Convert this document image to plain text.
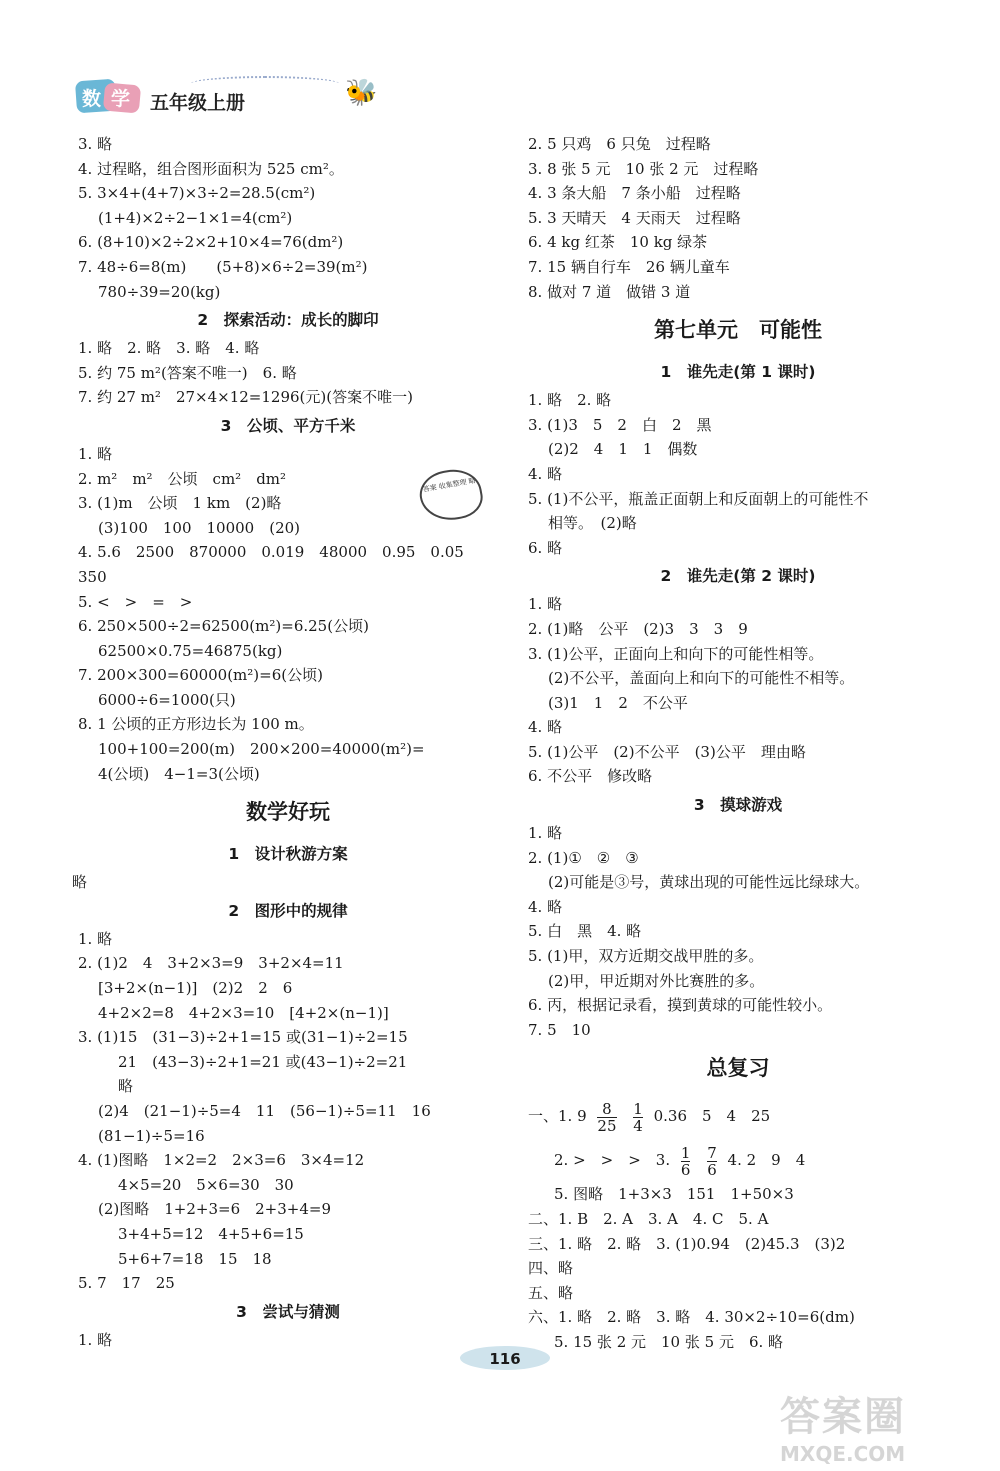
数学 五年级上册	🐝
3. 略
4. 过程略，组合图形面积为 525 cm²。
5. 3×4+(4+7)×3÷2=28.5(cm²)
(1+4)×2÷2−1×1=4(cm²)
6. (8+10)×2÷2×2+10×4=76(dm²)
7. 48÷6=8(m)　　(5+8)×6÷2=39(m²)
780÷39=20(kg)
2　探索活动：成长的脚印
1. 略　2. 略　3. 略　4. 略
5. 约 75 m²(答案不唯一)　6. 略
7. 约 27 m²　27×4×12=1296(元)(答案不唯一)
3　公顷、平方千米
1. 略
2. m²　m²　公顷　cm²　dm²
3. (1)m　公顷　1 km　(2)略
(3)100　100　10000　(20)
4. 5.6　2500　870000　0.019　48000　0.95　0.05
350
5. <　>　=　>
6. 250×500÷2=62500(m²)=6.25(公顷)
62500×0.75=46875(kg)
7. 200×300=60000(m²)=6(公顷)
6000÷6=1000(只)
8. 1 公顷的正方形边长为 100 m。
100+100=200(m)　200×200=40000(m²)=
4(公顷)　4−1=3(公顷)
数学好玩
1　设计秋游方案
略
2　图形中的规律
1. 略
2. (1)2　4　3+2×3=9　3+2×4=11
[3+2×(n−1)]　(2)2　2　6
4+2×2=8　4+2×3=10　[4+2×(n−1)]
3. (1)15　(31−3)÷2+1=15 或(31−1)÷2=15
21　(43−3)÷2+1=21 或(43−1)÷2=21
略
(2)4　(21−1)÷5=4　11　(56−1)÷5=11　16
(81−1)÷5=16
4. (1)图略　1×2=2　2×3=6　3×4=12
4×5=20　5×6=30　30
(2)图略　1+2+3=6　2+3+4=9
3+4+5=12　4+5+6=15
5+6+7=18　15　18
5. 7　17　25
3　尝试与猜测
1. 略
答案 收集整理 略
2. 5 只鸡　6 只兔　过程略
3. 8 张 5 元　10 张 2 元　过程略
4. 3 条大船　7 条小船　过程略
5. 3 天晴天　4 天雨天　过程略
6. 4 kg 红茶　10 kg 绿茶
7. 15 辆自行车　26 辆儿童车
8. 做对 7 道　做错 3 道
第七单元　可能性
1　谁先走(第 1 课时)
1. 略　2. 略
3. (1)3　5　2　白　2　黑
(2)2　4　1　1　偶数
4. 略
5. (1)不公平，瓶盖正面朝上和反面朝上的可能性不
相等。　(2)略
6. 略
2　谁先走(第 2 课时)
1. 略
2. (1)略　公平　(2)3　3　3　9
3. (1)公平，正面向上和向下的可能性相等。
(2)不公平，盖面向上和向下的可能性不相等。
(3)1　1　2　不公平
4. 略
5. (1)公平　(2)不公平　(3)公平　理由略
6. 不公平　修改略
3　摸球游戏
1. 略
2. (1)①　②　③
(2)可能是③号，黄球出现的可能性远比绿球大。
4. 略
5. 白　黑　4. 略
5. (1)甲，双方近期交战甲胜的多。
(2)甲，甲近期对外比赛胜的多。
6. 丙，根据记录看，摸到黄球的可能性较小。
7. 5　10
总复习
一、1. $9 \frac{8}{25}$
$\frac{1}{4} 0.36$　5　4　25
2. >　>　>　3. $\frac{1}{6}$
$\frac{7}{6} 4$. 2　9　4
5. 图略　1+3×3　151　1+50×3
二、1. B　2. A　3. A　4. C　5. A
三、1. 略　2. 略　3. (1)0.94　(2)45.3　(3)2
四、略
五、略
六、1. 略　2. 略　3. 略　4. 30×2÷10=6(dm)
5. 15 张 2 元　10 张 5 元　6. 略
116
答案圈
MXQE.COM
